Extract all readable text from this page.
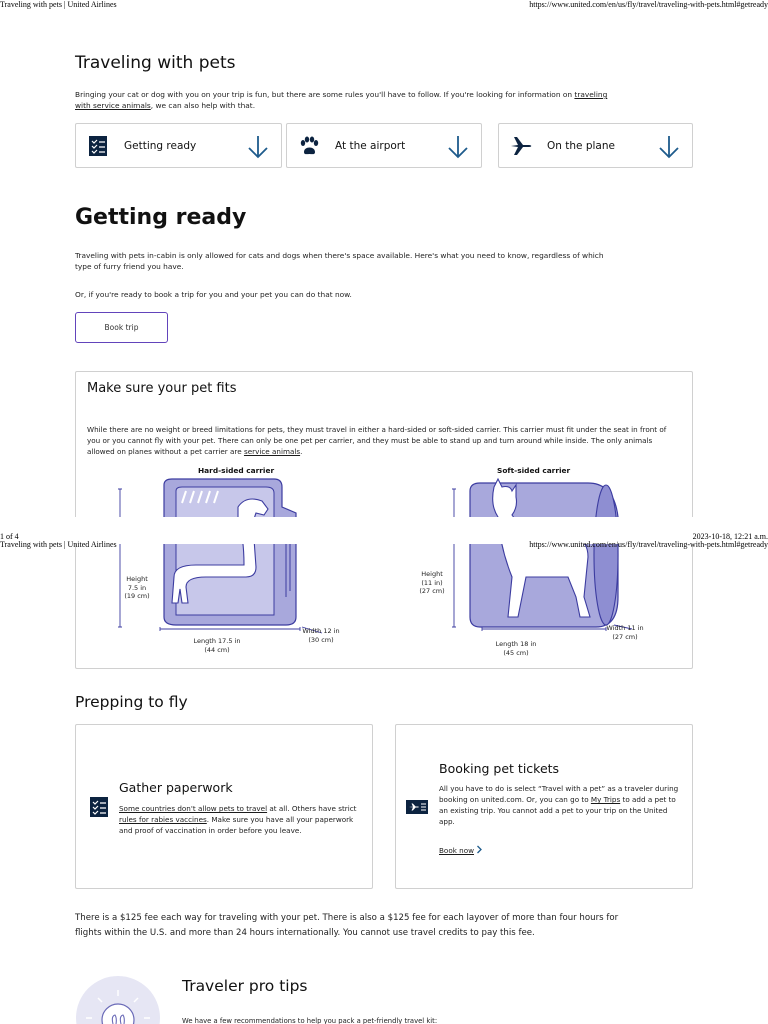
Traveling with pets | United Airlines	https://www.united.com/en/us/fly/travel/traveling-with-pets.html#getready
Traveling with pets
Bringing your cat or dog with you on your trip is fun, but there are some rules you'll have to follow. If you're looking for information on traveling with service animals, we can also help with that.
Getting ready	At the airport	On the plane
Getting ready
Traveling with pets in-cabin is only allowed for cats and dogs when there's space available. Here's what you need to know, regardless of which type of furry friend you have.
Or, if you're ready to book a trip for you and your pet you can do that now.
Book trip
Make sure your pet fits
While there are no weight or breed limitations for pets, they must travel in either a hard-sided or soft-sided carrier. This carrier must fit under the seat in front of you or you cannot fly with your pet. There can only be one pet per carrier, and they must be able to stand up and turn around while inside. The only animals allowed on planes without a pet carrier are service animals.
Hard-sided carrier	Soft-sided carrier
Height
7.5 in
(19 cm)
Length 17.5 in
(44 cm)
Width 12 in
(30 cm)
Height
(11 in)
(27 cm)
Length 18 in
(45 cm)
Width 11 in
(27 cm)
1 of 4	2023-10-18, 12:21 a.m.
Traveling with pets | United Airlines	https://www.united.com/en/us/fly/travel/traveling-with-pets.html#getready
Prepping to fly
Gather paperwork
Some countries don't allow pets to travel at all. Others have strict rules for rabies vaccines. Make sure you have all your paperwork and proof of vaccination in order before you leave.
Booking pet tickets
All you have to do is select “Travel with a pet” as a traveler during booking on united.com. Or, you can go to My Trips to add a pet to an existing trip. You cannot add a pet to your trip on the United app.
Book now
There is a $125 fee each way for traveling with your pet. There is also a $125 fee for each layover of more than four hours for flights within the U.S. and more than 24 hours internationally. You cannot use travel credits to pay this fee.
Traveler pro tips
We have a few recommendations to help you pack a pet-friendly travel kit:
